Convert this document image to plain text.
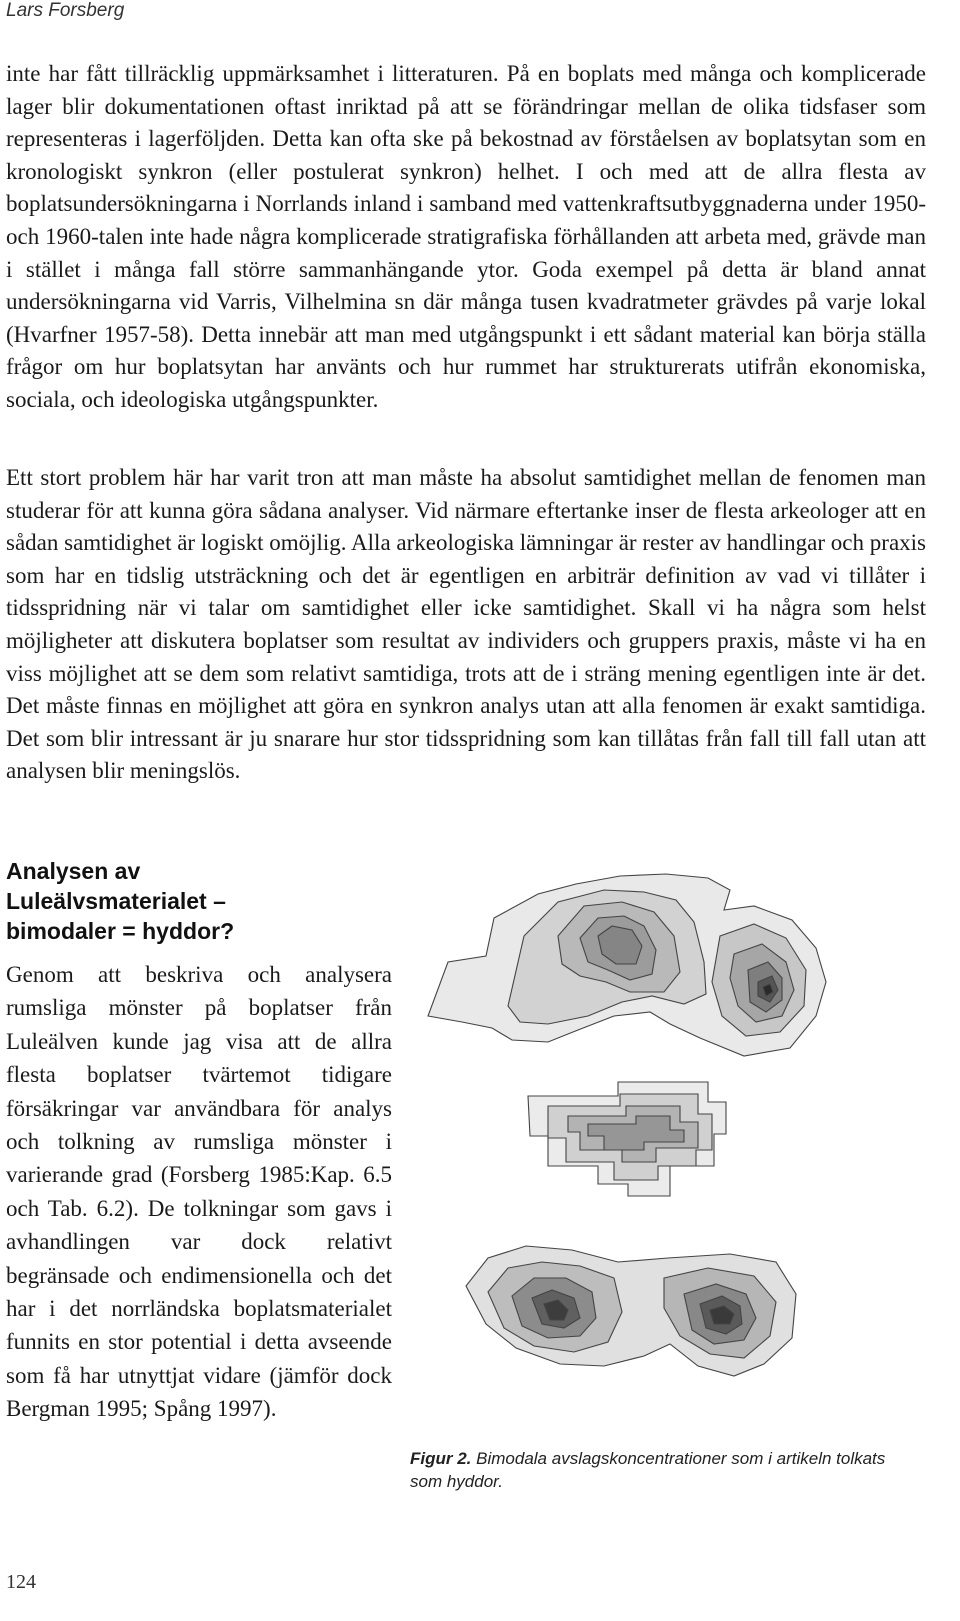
Lars Forsberg

inte har fått tillräcklig uppmärksamhet i litteraturen. På en boplats med många och komplicerade lager blir dokumentationen oftast inriktad på att se förändringar mellan de olika tidsfaser som representeras i lagerföljden. Detta kan ofta ske på bekostnad av förståelsen av boplatsytan som en kronologiskt synkron (eller postulerat synkron) helhet. I och med att de allra flesta av boplatsundersökningarna i Norrlands inland i samband med vattenkraftsutbyggnaderna under 1950- och 1960-talen inte hade några komplicerade stratigrafiska förhållanden att arbeta med, grävde man i stället i många fall större sammanhängande ytor. Goda exempel på detta är bland annat undersökningarna vid Varris, Vilhelmina sn där många tusen kvadratmeter grävdes på varje lokal (Hvarfner 1957-58). Detta innebär att man med utgångspunkt i ett sådant material kan börja ställa frågor om hur boplatsytan har använts och hur rummet har strukturerats utifrån ekonomiska, sociala, och ideologiska utgångspunkter.

Ett stort problem här har varit tron att man måste ha absolut samtidighet mellan de fenomen man studerar för att kunna göra sådana analyser. Vid närmare eftertanke inser de flesta arkeologer att en sådan samtidighet är logiskt omöjlig. Alla arkeologiska lämningar är rester av handlingar och praxis som har en tidslig utsträckning och det är egentligen en arbiträr definition av vad vi tillåter i tidsspridning när vi talar om samtidighet eller icke samtidighet. Skall vi ha några som helst möjligheter att diskutera boplatser som resultat av individers och gruppers praxis, måste vi ha en viss möjlighet att se dem som relativt samtidiga, trots att de i sträng mening egentligen inte är det. Det måste finnas en möjlighet att göra en synkron analys utan att alla fenomen är exakt samtidiga. Det som blir intressant är ju snarare hur stor tidsspridning som kan tillåtas från fall till fall utan att analysen blir meningslös.

Analysen av
Luleälvsmaterialet –
bimodaler = hyddor?

Genom att beskriva och analysera rumsliga mönster på boplatser från Luleälven kunde jag visa att de allra flesta boplatser tvärtemot tidigare försäkringar var användbara för analys och tolkning av rumsliga mönster i varierande grad (Forsberg 1985:Kap. 6.5 och Tab. 6.2). De tolkningar som gavs i avhandlingen var dock relativt begränsade och endimensionella och det har i det norrländska boplatsmaterialet funnits en stor potential i detta avseende som få har utnyttjat vidare (jämför dock Bergman 1995; Spång 1997).

Figur 2. Bimodala avslagskoncentrationer som i artikeln tolkats som hyddor.

124
